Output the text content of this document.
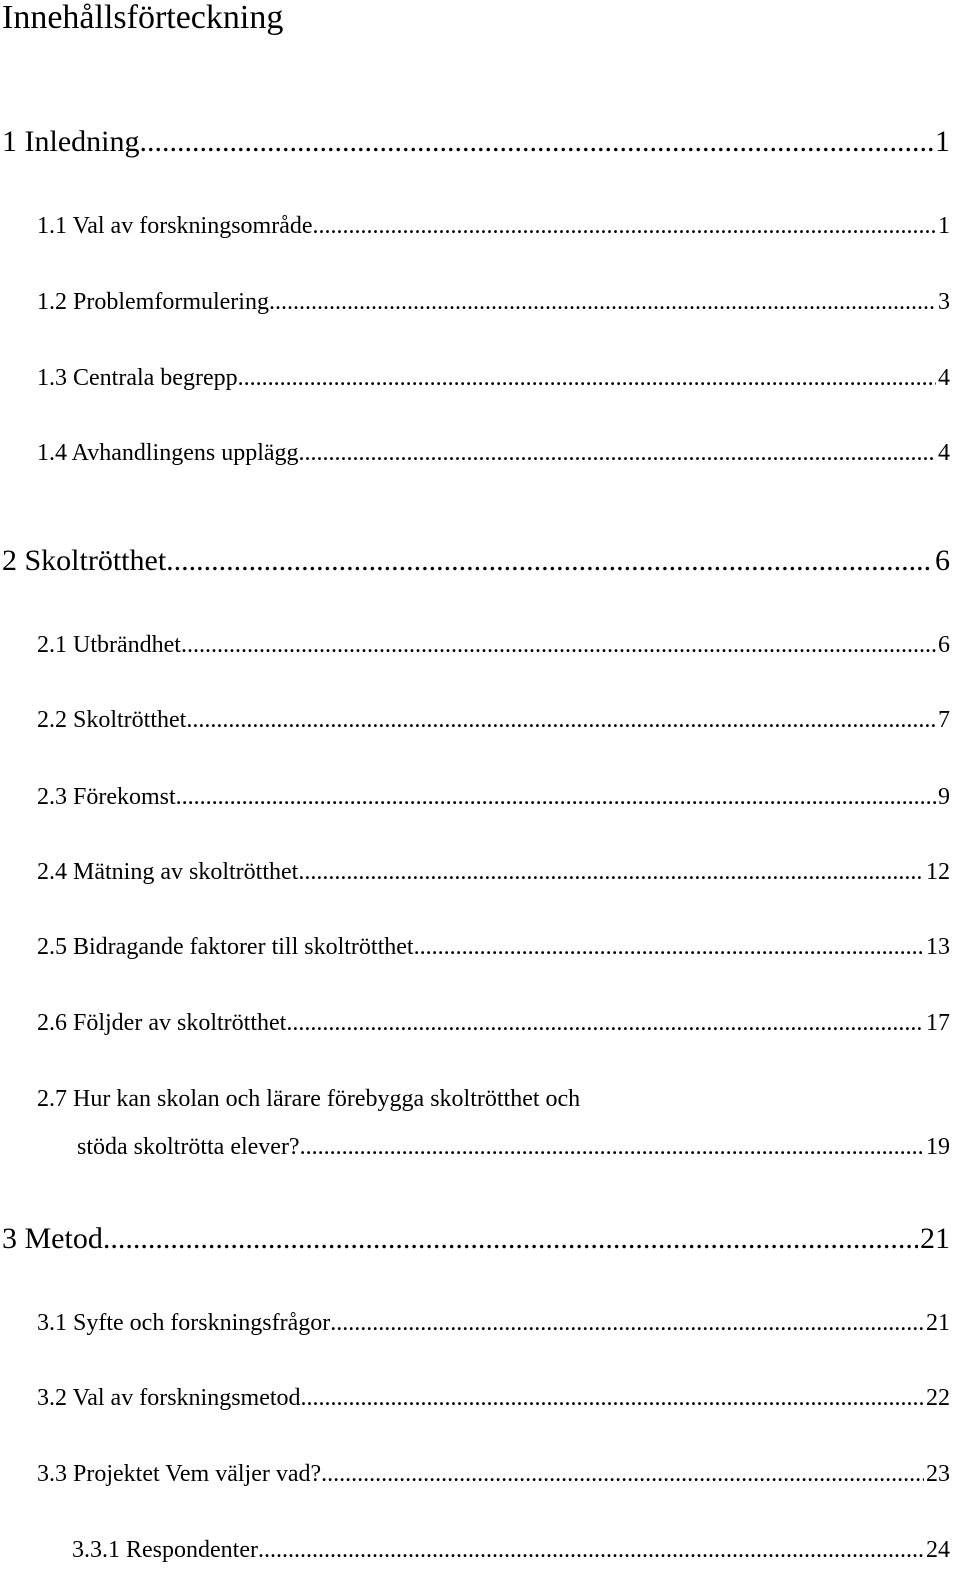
Innehållsförteckning
1 Inledning .....	1
1.1 Val av forskningsområde .....	1
1.2 Problemformulering .....	3
1.3 Centrala begrepp .....	4
1.4 Avhandlingens upplägg .....	4
2 Skoltrötthet .....	6
2.1 Utbrändhet .....	6
2.2 Skoltrötthet .....	7
2.3 Förekomst .....	9
2.4 Mätning av skoltrötthet .....	12
2.5 Bidragande faktorer till skoltrötthet .....	13
2.6 Följder av skoltrötthet .....	17
2.7 Hur kan skolan och lärare förebygga skoltrötthet och
stöda skoltrötta elever? .....	19
3 Metod .....	21
3.1 Syfte och forskningsfrågor .....	21
3.2 Val av forskningsmetod .....	22
3.3 Projektet Vem väljer vad? .....	23
3.3.1 Respondenter .....	24
